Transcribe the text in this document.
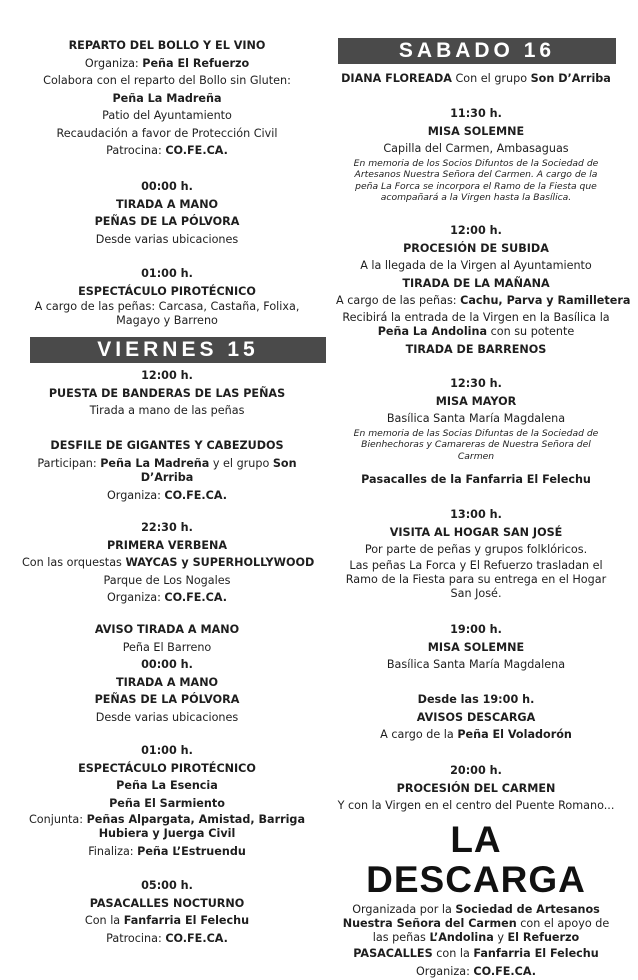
REPARTO DEL BOLLO Y EL VINO
Organiza: Peña El Refuerzo
Colabora con el reparto del Bollo sin Gluten:
Peña La Madreña
Patio del Ayuntamiento
Recaudación a favor de Protección Civil
Patrocina: CO.FE.CA.
00:00 h.
TIRADA A MANO
PEÑAS DE LA PÓLVORA
Desde varias ubicaciones
01:00 h.
ESPECTÁCULO PIROTÉCNICO
A cargo de las peñas: Carcasa, Castaña, Folixa, Magayo y Barreno
VIERNES 15
12:00 h.
PUESTA DE BANDERAS DE LAS PEÑAS
Tirada a mano de las peñas
DESFILE DE GIGANTES Y CABEZUDOS
Participan: Peña La Madreña y el grupo Son D’Arriba
Organiza: CO.FE.CA.
22:30 h.
PRIMERA VERBENA
Con las orquestas WAYCAS y SUPERHOLLYWOOD
Parque de Los Nogales
Organiza: CO.FE.CA.
AVISO TIRADA A MANO
Peña El Barreno
00:00 h.
TIRADA A MANO
PEÑAS DE LA PÓLVORA
Desde varias ubicaciones
01:00 h.
ESPECTÁCULO PIROTÉCNICO
Peña La Esencia
Peña El Sarmiento
Conjunta: Peñas Alpargata, Amistad, Barriga Hubiera y Juerga Civil
Finaliza: Peña L’Estruendu
05:00 h.
PASACALLES NOCTURNO
Con la Fanfarria El Felechu
Patrocina: CO.FE.CA.
SABADO 16
DIANA FLOREADA Con el grupo Son D’Arriba
11:30 h.
MISA SOLEMNE
Capilla del Carmen, Ambasaguas
En memoria de los Socios Difuntos de la Sociedad de Artesanos Nuestra Señora del Carmen. A cargo de la peña La Forca se incorpora el Ramo de la Fiesta que acompañará a la Virgen hasta la Basílica.
12:00 h.
PROCESIÓN DE SUBIDA
A la llegada de la Virgen al Ayuntamiento
TIRADA DE LA MAÑANA
A cargo de las peñas: Cachu, Parva y Ramilletera
Recibirá la entrada de la Virgen en la Basílica la Peña La Andolina con su potente
TIRADA DE BARRENOS
12:30 h.
MISA MAYOR
Basílica Santa María Magdalena
En memoria de las Socias Difuntas de la Sociedad de Bienhechoras y Camareras de Nuestra Señora del Carmen
Pasacalles de la Fanfarria El Felechu
13:00 h.
VISITA AL HOGAR SAN JOSÉ
Por parte de peñas y grupos folklóricos.
Las peñas La Forca y El Refuerzo trasladan el Ramo de la Fiesta para su entrega en el Hogar San José.
19:00 h.
MISA SOLEMNE
Basílica Santa María Magdalena
Desde las 19:00 h.
AVISOS DESCARGA
A cargo de la Peña El Voladorón
20:00 h.
PROCESIÓN DEL CARMEN
Y con la Virgen en el centro del Puente Romano...
LA DESCARGA
Organizada por la Sociedad de Artesanos Nuestra Señora del Carmen con el apoyo de las peñas L’Andolina y El Refuerzo
PASACALLES con la Fanfarria El Felechu
Organiza: CO.FE.CA.
